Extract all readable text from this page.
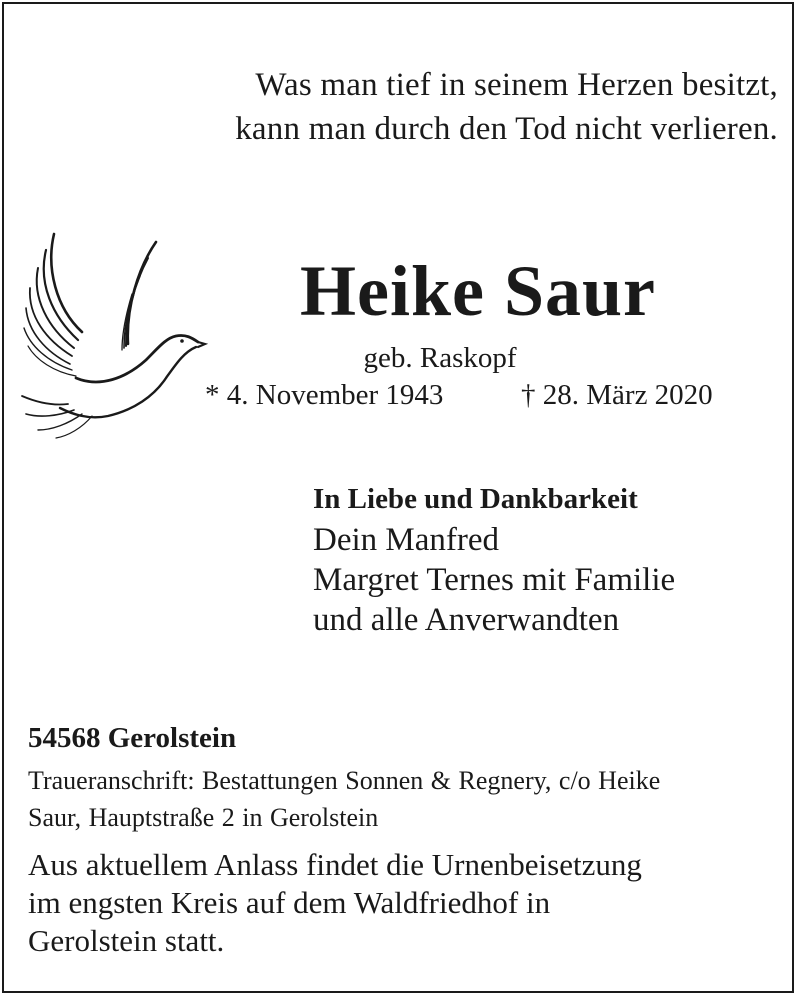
Was man tief in seinem Herzen besitzt,
kann man durch den Tod nicht verlieren.
Heike Saur
geb. Raskopf
* 4. November 1943	† 28. März 2020
In Liebe und Dankbarkeit
Dein Manfred
Margret Ternes mit Familie
und alle Anverwandten
54568 Gerolstein
Traueranschrift: Bestattungen Sonnen & Regnery, c/o Heike
Saur, Hauptstraße 2 in Gerolstein
Aus aktuellem Anlass findet die Urnenbeisetzung
im engsten Kreis auf dem Waldfriedhof in
Gerolstein statt.
